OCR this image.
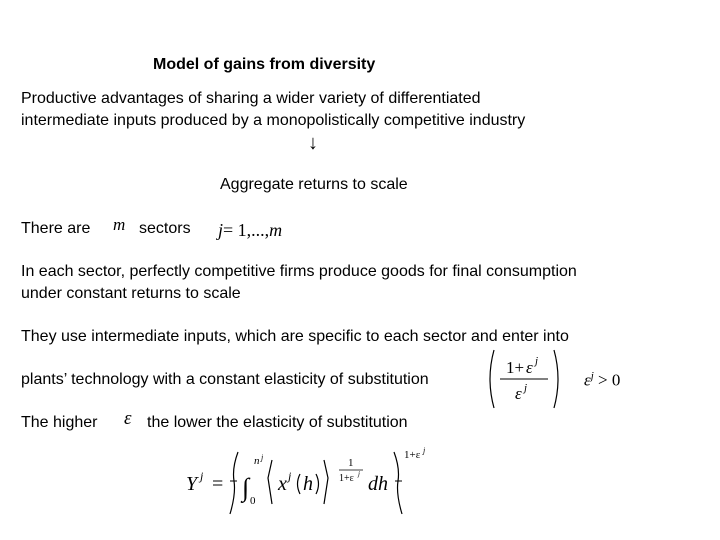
Model of gains from diversity
Productive advantages of sharing a wider variety of differentiated
intermediate inputs produced by a monopolistically competitive industry
↓
Aggregate returns to scale
There are m sectors j= 1,...,m
In each sector, perfectly competitive firms produce goods for final consumption
under constant returns to scale
They use intermediate inputs, which are specific to each sector and enter into
plants’ technology with a constant elasticity of substitution
1+ ε j
ε j	$\varepsilon^j > 0$
The higher ε the lower the elasticity of substitution
Y j = ∫ 0
n j
x j h
1
1+ε j dh
1+ε j
